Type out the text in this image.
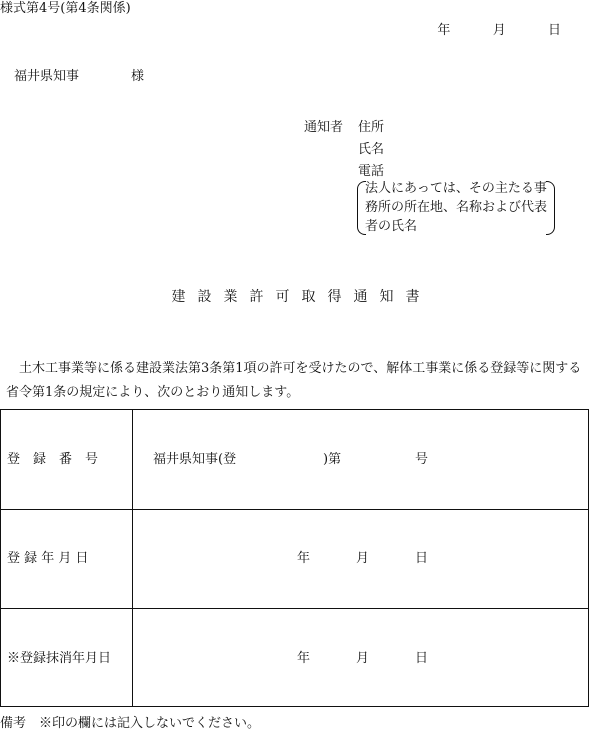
様式第4号(第4条関係)
年	月	日
福井県知事	様
通知者 住所
氏名
電話
法人にあっては、その主たる事務所の所在地、名称および代表者の氏名
建設業許可取得通知書
土木工事業等に係る建設業法第3条第1項の許可を受けたので、解体工事業に係る登録等に関する省令第1条の規定により、次のとおり通知します。
登　録　番　号	福井県知事(登	)第	号
登 録 年 月 日	年	月	日
※登録抹消年月日	年	月	日
備考　※印の欄には記入しないでください。
